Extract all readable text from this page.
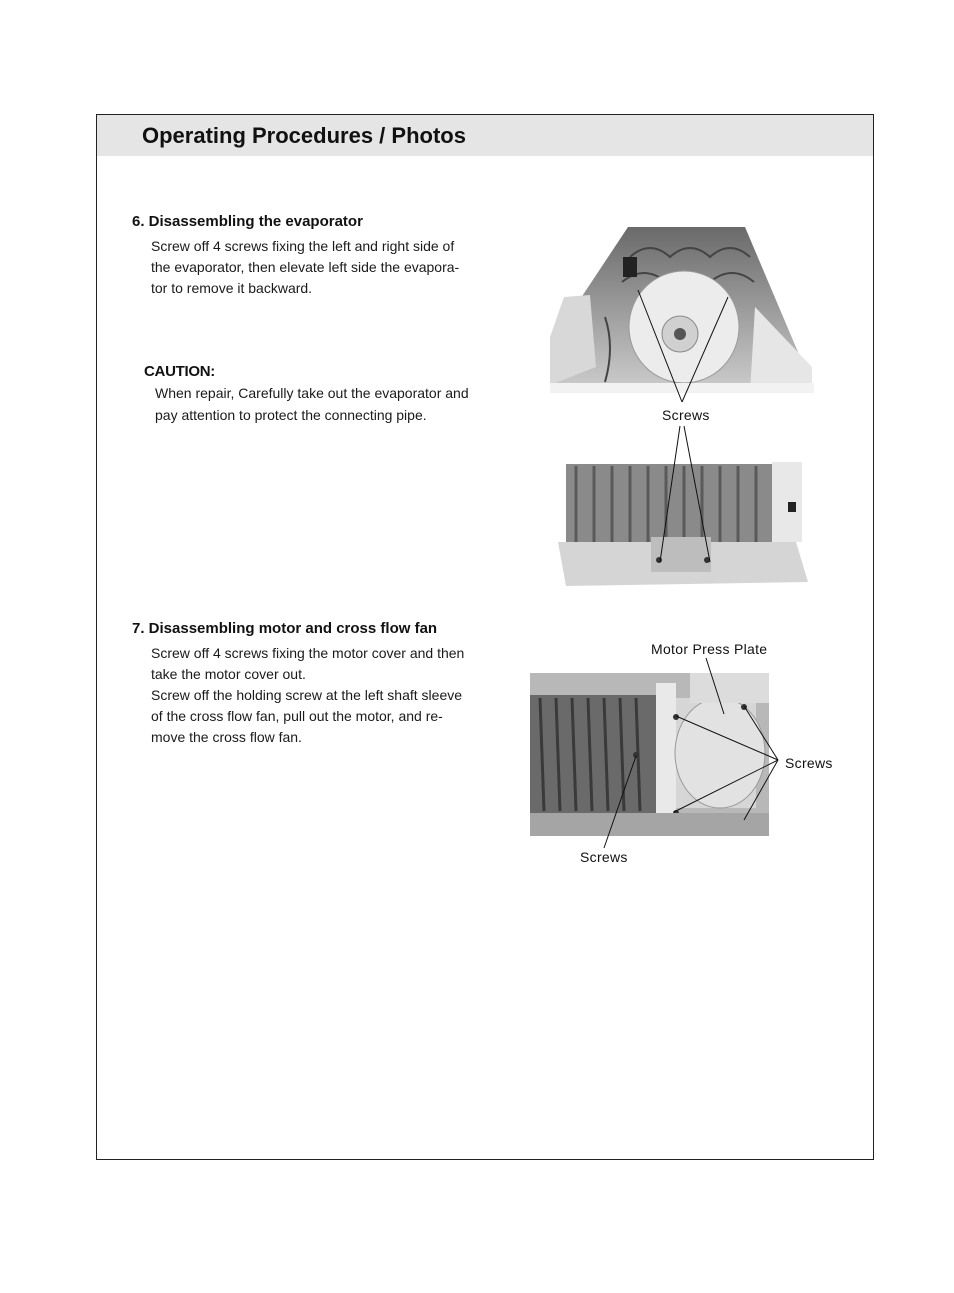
Operating Procedures / Photos
6. Disassembling the evaporator
Screw off 4 screws fixing the left and right side of
the evaporator, then elevate left side the evapora-
tor to remove it backward.
CAUTION:
When repair, Carefully take out the evaporator and
pay attention to protect the connecting pipe.
7. Disassembling motor and cross flow fan
Screw off 4 screws fixing the motor cover and then
take the motor cover out.
Screw off the holding screw at the left shaft sleeve
of the cross flow fan, pull out the motor, and re-
move the cross flow fan.
Screws
Motor Press Plate
Screws
Screws
